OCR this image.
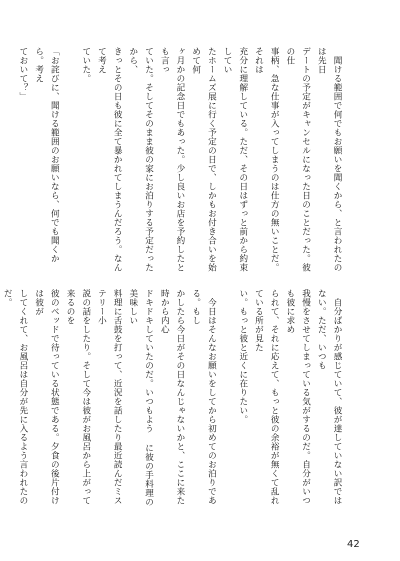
　聞ける範囲で何でもお願いを聞くから、と言われたのは先日
デートの予定がキャンセルになった日のことだった。彼の仕
事柄、急な仕事が入ってしまうのは仕方の無いことだ。それは
充分に理解している。ただ、その日はずっと前から約束してい
たホームズ展に行く予定の日で、しかもお付き合いを始めて何
ヶ月かの記念日でもあった。少し良いお店を予約したとも言っ
ていた。そしてそのまま彼の家にお泊りする予定だったから、
きっとその日も彼に全て暴かれてしまうんだろう。なんて考え
ていた。

「お詫びに、聞ける範囲のお願いなら、何でも聞くから。考え
ておいて？」

　自分ばかりが感じていて、彼が達していない訳ではない。ただ、いつも
我慢をさせてしまっている気がするのだ。自分がいつも彼に求め
られて、それに応えて、もっと彼の余裕が無くて乱れている所が見た
い。もっと彼と近くに在りたい。

　今日はそんなお願いをしてから初めてのお泊りである。もし
かしたら今日がその日なんじゃないかと、ここに来た時から内心
ドキドキしていたのだ。いつもよう に彼の手料理の美味しい
料理に舌鼓を打って、近況を話したり最近読んだミステリー小
説の話をしたり。そして今は彼がお風呂から上がって来るのを
彼のベッドで待っている状態である。夕食の後片付けは彼が
してくれて、お風呂は自分が先に入るよう言われたのだ。

42
